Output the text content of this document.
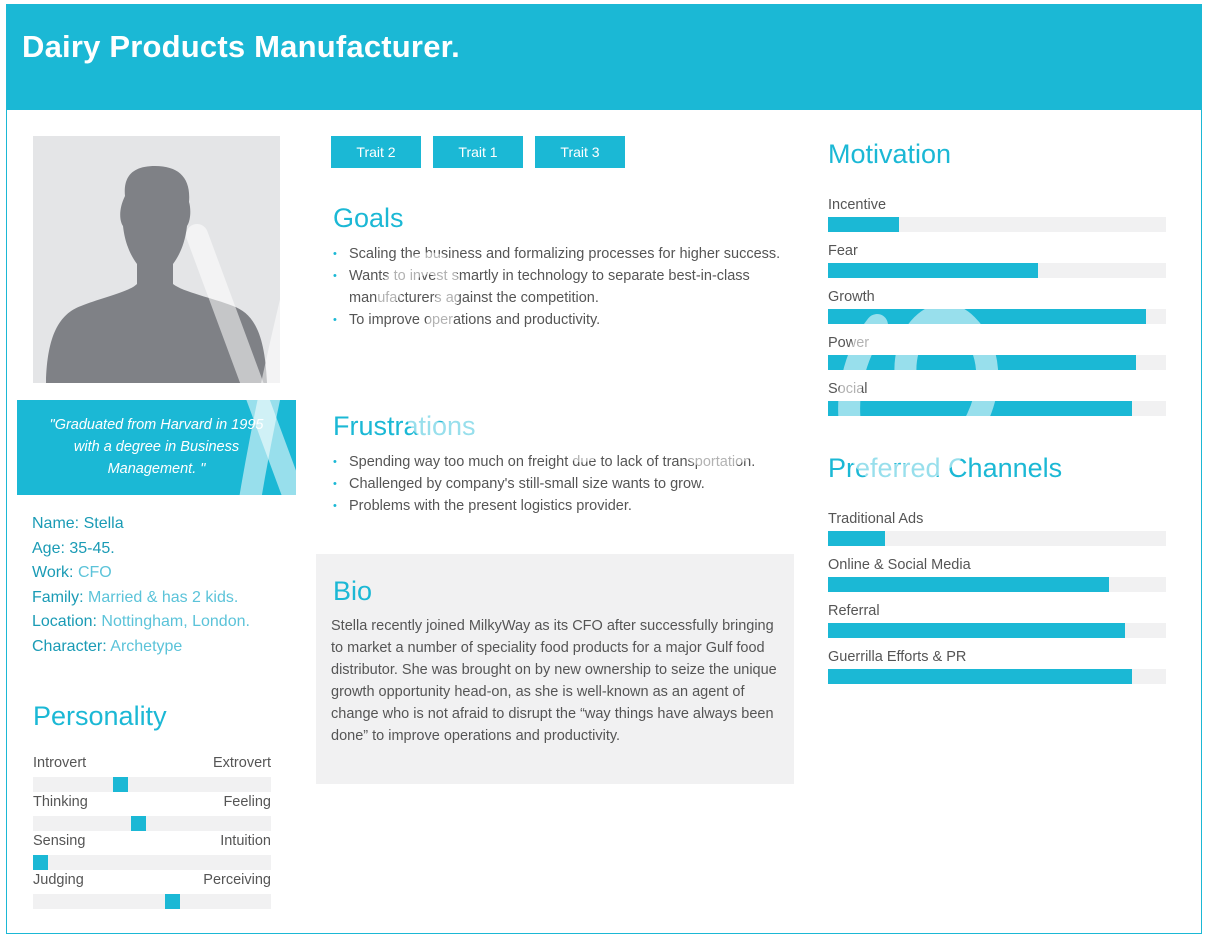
Dairy Products Manufacturer.
"Graduated from Harvard in 1995 with a degree in Business Management. "
Name: Stella
Age: 35-45.
Work: CFO
Family: Married & has 2 kids.
Location: Nottingham, London.
Character: Archetype
Personality
Introvert	Extrovert
Thinking	Feeling
Sensing	Intuition
Judging	Perceiving
Trait 2	Trait 1	Trait 3
Goals
• Scaling the business and formalizing processes for higher success.
• Wants to invest smartly in technology to separate best-in-class manufacturers against the competition.
• To improve operations and productivity.
Frustrations
• Spending way too much on freight due to lack of transportation.
• Challenged by company's still-small size wants to grow.
• Problems with the present logistics provider.
Bio

Stella recently joined MilkyWay as its CFO after successfully bringing to market a number of speciality food products for a major Gulf food distributor. She was brought on by new ownership to seize the unique growth opportunity head-on, as she is well-known as an agent of change who is not afraid to disrupt the “way things have always been done” to improve operations and productivity.

Motivation
Incentive
Fear
Growth
Power
Social
Preferred Channels
Traditional Ads
Online & Social Media
Referral
Guerrilla Efforts & PR
